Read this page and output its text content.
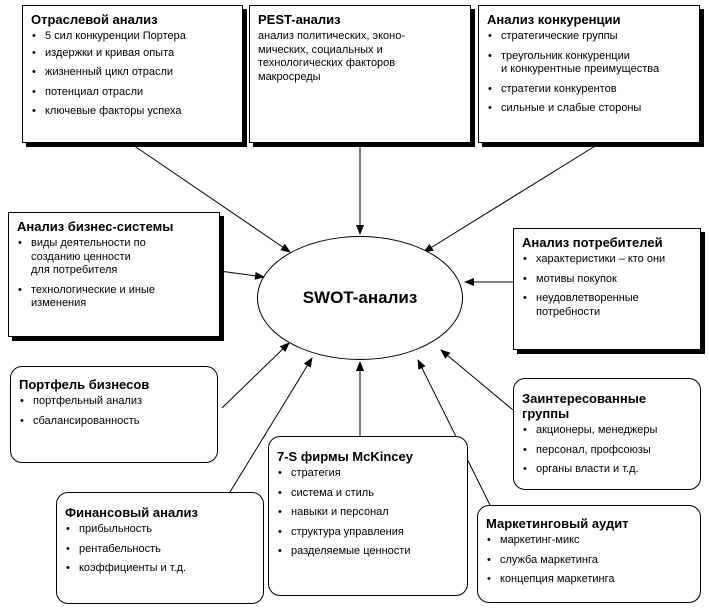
Отраслевой анализ
• 5 сил конкуренции Портера
• издержки и кривая опыта
• жизненный цикл отрасли
• потенциал отрасли
• ключевые факторы успеха
PEST-анализ
анализ политических, эконо-
мических, социальных и
технологических факторов
макросреды
Анализ конкуренции
• стратегические группы
• треугольник конкуренции
и конкурентные преимущества
• стратегии конкурентов
• сильные и слабые стороны
Анализ бизнес-системы
• виды деятельности по
созданию ценности
для потребителя
• технологические и иные
изменения
Анализ потребителей
• характеристики – кто они
• мотивы покупок
• неудовлетворенные
потребности
SWOT-анализ
Портфель бизнесов
• портфельный анализ
• сбалансированность
Заинтересованные
группы
• акционеры, менеджеры
• персонал, профсоюзы
• органы власти и т.д.
7-S фирмы McKincey
• стратегия
• система и стиль
• навыки и персонал
• структура управления
• разделяемые ценности
Финансовый анализ
• прибыльность
• рентабельность
• коэффициенты и т.д.
Маркетинговый аудит
• маркетинг-микс
• служба маркетинга
• концепция маркетинга
